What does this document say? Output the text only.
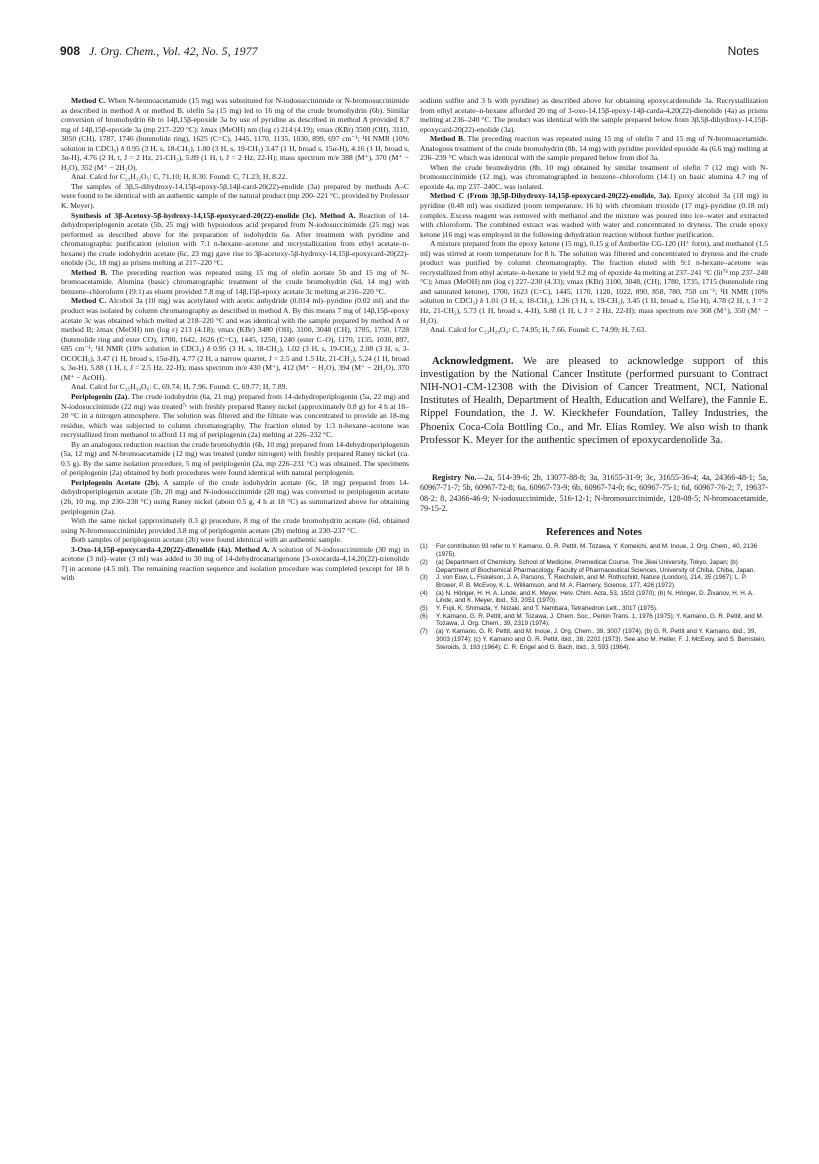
908 J. Org. Chem., Vol. 42, No. 5, 1977	Notes

Method C. When N-bromoacetamide (15 mg) was substituted for N-iodosuccinimide or N-bromosuccinimide as described in method A or method B, olefin 5a (15 mg) led to 16 mg of the crude bromohydrin (6b). Similar conversion of bromohydrin 6b to 14β,15β-epoxide 3a by use of pyridine as described in method A provided 8.7 mg of 14β,15β-epoxide 3a (mp 217–220 °C): λmax (MeOH) nm (log ε) 214 (4.19); νmax (KBr) 3500 (OH), 3110, 3050 (CH), 1787, 1746 (butenolide ring), 1625 (C=C), 1445, 1170, 1135, 1030, 899, 697 cm⁻¹; ¹H NMR (10% solution in CDCl₃) δ 0.95 (3 H, s, 18-CH₃), 1.00 (3 H, s, 19-CH₃) 3.47 (1 H, broad s, 15α-H), 4.16 (1 H, broad s, 3α-H), 4.76 (2 H, t, J = 2 Hz, 21-CH₂), 5.89 (1 H, t, J = 2 Hz, 22-H); mass spectrum m/e 388 (M⁺), 370 (M⁺ − H₂O), 352 (M⁺ − 2H₂O).

Anal. Calcd for C₂₃H₃₂O₅: C, 71.10; H, 8.30. Found: C, 71.23; H, 8.22.

The samples of 3β,5-dihydroxy-14,15β-epoxy-5β,14β-card-20(22)-enolide (3a) prepared by methods A–C were found to be identical with an authentic sample of the natural product (mp 200–221 °C, provided by Professor K. Meyer).

Synthesis of 3β-Acetoxy-5β-hydroxy-14,15β-epoxycard-20(22)-enolide (3c). Method A. Reaction of 14-dehydroperiplogenin acetate (5b, 25 mg) with hypoiodous acid prepared from N-iodosuccinimide (25 mg) was performed as described above for the preparation of iodohydrin 6a. After treatment with pyridine and chromatographic purification (elution with 7:1 n-hexane–acetone and recrystallization from ethyl acetate–n-hexane) the crude iodohydrin acetate (6c, 23 mg) gave rise to 3β-acetoxy-5β-hydroxy-14,15β-epoxycard-20(22)-enolide (3c, 18 mg) as prisms melting at 217–220 °C.

Method B. The preceding reaction was repeated using 15 mg of olefin acetate 5b and 15 mg of N-bromoacetamide. Alumina (basic) chromatographic treatment of the crude bromohydrin (6d, 14 mg) with benzene–chloroform (19:1) as eluent provided 7.8 mg of 14β,15β-epoxy acetate 3c melting at 216–220 °C.

Method C. Alcohol 3a (10 mg) was acetylated with acetic anhydride (0.014 ml)–pyridine (0.02 ml) and the product was isolated by column chromatography as described in method A. By this means 7 mg of 14β,15β-epoxy acetate 3c was obtained which melted at 218–220 °C and was identical with the sample prepared by method A or method B; λmax (MeOH) nm (log ε) 213 (4.18); νmax (KBr) 3480 (OH), 3100, 3048 (CH), 1785, 1750, 1728 (butenolide ring and ester CO), 1700, 1642, 1626 (C=C), 1445, 1250, 1240 (ester C–O), 1170, 1135, 1030, 897, 695 cm⁻¹; ¹H NMR (10% solution in CDCl₃) δ 0.95 (3 H, s, 18-CH₃), 1.02 (3 H, s, 19-CH₃), 2.08 (3 H, s, 3-OCOCH₃), 3.47 (1 H, broad s, 15α-H), 4.77 (2 H, a narrow quartet, J = 2.5 and 1.5 Hz, 21-CH₂), 5.24 (1 H, broad s, 3α-H), 5.88 (1 H, t, J = 2.5 Hz, 22-H); mass spectrum m/e 430 (M⁺), 412 (M⁺ − H₂O), 394 (M⁺ − 2H₂O), 370 (M⁺ − AcOH).

Anal. Calcd for C₂₅H₃₄O₆: C, 69.74; H, 7.96. Found: C, 69.77; H, 7.89.

Periplogenin (2a). The crude iodohydrin (6a, 21 mg) prepared from 14-dehydroperiplogenin (5a, 22 mg) and N-iodosuccinimide (22 mg) was treated⁷ᶜ with freshly prepared Raney nickel (approximately 0.8 g) for 4 h at 18–20 °C in a nitrogen atmosphere. The solution was filtered and the filtrate was concentrated to provide an 18-mg residue, which was subjected to column chromatography. The fraction eluted by 1:3 n-hexane–acetone was recrystallized from methanol to afford 11 mg of periplogenin (2a) melting at 226–232 °C.

By an analogous reduction reaction the crude bromohydrin (6b, 10 mg) prepared from 14-dehydroperiplogenin (5a, 12 mg) and N-bromoacetamide (12 mg) was treated (under nitrogen) with freshly prepared Raney nickel (ca. 0.5 g). By the same isolation procedure, 5 mg of periplogenin (2a, mp 226–231 °C) was obtained. The specimens of periplogenin (2a) obtained by both procedures were found identical with natural periplogenin.

Periplogenin Acetate (2b). A sample of the crude iodohydrin acetate (6c, 18 mg) prepared from 14-dehydroperiplogenin acetate (5b, 20 mg) and N-iodosuccinimide (20 mg) was converted to periplogenin acetate (2b, 10 mg, mp 230–238 °C) using Raney nickel (about 0.5 g, 4 h at 18 °C) as summarized above for obtaining periplogenin (2a).

With the same nickel (approximately 0.3 g) procedure, 8 mg of the crude bromohydrin acetate (6d, obtained using N-bromosuccinimide) provided 3.8 mg of periplogenin acetate (2b) melting at 230–237 °C.

Both samples of periplogenin acetate (2b) were found identical with an authentic sample.

3-Oxo-14,15β-epoxycarda-4,20(22)-dienolide (4a). Method A. A solution of N-iodosuccinimide (30 mg) in acetone (3 ml)–water (3 ml) was added to 30 mg of 14-dehydrocanarigenone [3-oxocarda-4,14,20(22)-trienolide 7] in acetone (4.5 ml). The remaining reaction sequence and isolation procedure was completed (except for 18 h with

sodium sulfite and 3 h with pyridine) as described above for obtaining epoxycardenolide 3a. Recrystallization from ethyl acetate–n-hexane afforded 20 mg of 3-oxo-14,15β-epoxy-14β-carda-4,20(22)-dienolide (4a) as prisms melting at 236–240 °C. The product was identical with the sample prepared below from 3β,5β-dihydroxy-14,15β-epoxycard-20(22)-enolide (3a).

Method B. The preceding reaction was repeated using 15 mg of olefin 7 and 15 mg of N-bromoacetamide. Analogous treatment of the crude bromohydrin (8b, 14 mg) with pyridine provided epoxide 4a (6.6 mg) melting at 236–239 °C which was identical with the sample prepared below from diol 3a.

When the crude bromohydrin (8b, 10 mg) obtained by similar treatment of olefin 7 (12 mg) with N-bromosuccinimide (12 mg), was chromatographed in benzene–chloroform (14:1) on basic alumina 4.7 mg of epoxide 4a, mp 237–240C, was isolated.

Method C (From 3β,5β-Dihydroxy-14,15β-epoxycard-20(22)-enolide, 3a). Epoxy alcohol 3a (18 mg) in pyridine (0.48 ml) was oxidized (room temperature, 16 h) with chromium trioxide (17 mg)–pyridine (0.18 ml) complex. Excess reagent was removed with methanol and the mixture was poured into ice–water and extracted with chloroform. The combined extract was washed with water and concentrated to dryness. The crude epoxy ketone )16 mg) was employed in the following dehydration reaction without further purification.

A mixture prepared from the epoxy ketone (15 mg), 0.15 g of Amberlite CG-120 (H⁺ form), and methanol (1.5 ml) was stirred at room temperature for 8 h. The solution was filtered and concentrated to dryness and the crude product was purified by column chromatography. The fraction eluted with 9:1 n-hexane–acetone was recrystallized from ethyl acetate–n-hexane to yield 9.2 mg of epoxide 4a melting at 237–241 °C (lit⁷ᵇ mp 237–248 °C); λmax (MeOH) nm (log ε) 227–230 (4.33); νmax (KBr) 3100, 3048, (CH), 1780, 1735, 1715 (butenolide ring and saturated ketone), 1700, 1623 (C=C), 1445, 1170, 1120, 1022, 890, 858, 780, 750 cm⁻¹; ¹H NMR (10% solution in CDCl₃) δ 1.01 (3 H, s, 18-CH₃), 1.26 (3 H, s, 19-CH₃), 3.45 (1 H, broad s, 15α H), 4.78 (2 H, t, J = 2 Hz, 21-CH₂), 5.73 (1 H, broad s, 4-H), 5.88 (1 H, t, J = 2 Hz, 22-H); mass spectrum m/e 368 (M⁺), 350 (M⁺ − H₂O).

Anal. Calcd for C₂₃H₂₈O₄: C, 74.95; H, 7.66. Found: C, 74.99; H, 7.63.

Acknowledgment. We are pleased to acknowledge support of this investigation by the National Cancer Institute (performed pursuant to Contract NIH-NO1-CM-12308 with the Division of Cancer Treatment, NCI, National Institutes of Health, Department of Health, Education and Welfare), the Fannie E. Rippel Foundation, the J. W. Kieckhefer Foundation, Talley Industries, the Phoenix Coca-Cola Bottling Co., and Mr. Elias Romley. We also wish to thank Professor K. Meyer for the authentic specimen of epoxycardenolide 3a.

Registry No.—2a, 514-39-6; 2b, 13077-88-8; 3a, 31655-31-9; 3c, 31655-36-4; 4a, 24366-48-1; 5a, 60967-71-7; 5b, 60967-72-8; 6a, 60967-73-9; 6b, 60967-74-0; 6c, 60967-75-1; 6d, 60967-76-2; 7, 19637-08-2; 8, 24366-46-9; N-iodosuccinimide, 516-12-1; N-bromosuccinimide, 128-08-5; N-bromoacetamide, 79-15-2.

References and Notes
(1)	For contribution 93 refer to Y. Kamano, G. R. Pettit, M. Tozawa, Y. Komeichi, and M. Inoue, J. Org. Chem., 40, 2136 (1975).
(2)	(a) Department of Chemistry, School of Medicine, Premedical Course, The Jikei University, Tokyo, Japan; (b) Department of Biochemical Pharmacology, Faculty of Pharmaceutical Sciences, University of Chiba, Chiba, Japan.
(3)	J. von Euw, L. Fiskelson, J. A. Parsons, T. Reichstein, and M. Rothschild, Nature (London), 214, 35 (1967); L. P. Brower, P. B. McEvoy, K. L. Williamson, and M. A. Flannery, Science, 177, 426 (1972).
(4)	(a) N. Höriger, H. H. A. Linde, and K. Meyer, Helv. Chim. Acta, 53, 1503 (1970); (b) N. Höriger, D. Živanov, H. H. A. Linde, and K. Meyer, ibid., 53, 2051 (1970).
(5)	Y. Fujii, K. Shimada, Y. Niizaki, and T. Nambara, Tetrahedron Lett., 3017 (1975).
(6)	Y. Kamano, G. R. Pettit, and M. Tozawa, J. Chem. Soc., Perkin Trans. 1, 1976 (1975); Y. Kamano, G. R. Pettit, and M. Tozawa, J. Org. Chem., 39, 2319 (1974).
(7)	(a) Y. Kamano, G. R. Pettit, and M. Inoue, J. Org. Chem., 39, 3007 (1974); (b) G. R. Pettit and Y. Kamano, ibid., 39, 3003 (1974); (c) Y. Kamano and G. R. Pettit, ibid., 38, 2202 (1973). See also M. Heller, F. J. McEvoy, and S. Bernstein, Steroids, 3, 193 (1964); C. R. Engel and G. Bach, ibid., 3, 593 (1964).
